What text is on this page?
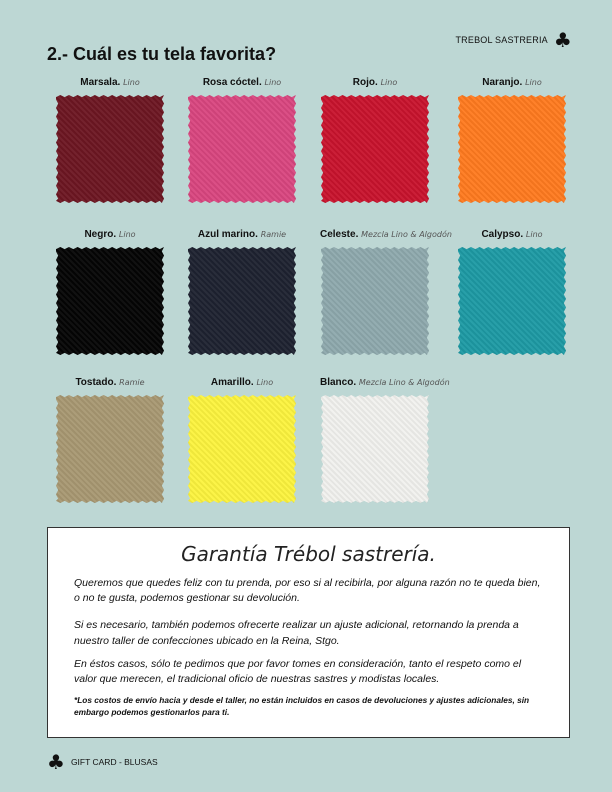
TREBOL SASTRERIA ♣
2.- Cuál es tu tela favorita?
Marsala. Lino	Rosa cóctel. Lino	Rojo. Lino	Naranjo. Lino
Negro. Lino	Azul marino. Ramie	Celeste. Mezcla Lino & Algodón	Calypso. Lino
Tostado. Ramie	Amarillo. Lino	Blanco. Mezcla Lino & Algodón
Garantía Trébol sastrería.

Queremos que quedes feliz con tu prenda, por eso si al recibirla, por alguna razón no te queda bien, o no te gusta, podemos gestionar su devolución.

Si es necesario, también podemos ofrecerte realizar un ajuste adicional, retornando la prenda a nuestro taller de confecciones ubicado en la Reina, Stgo.

En éstos casos, sólo te pedimos que por favor tomes en consideración, tanto el respeto como el valor que merecen, el tradicional oficio de nuestras sastres y modistas locales.

*Los costos de envío hacia y desde el taller, no están incluidos en casos de devoluciones y ajustes adicionales, sin embargo podemos gestionarlos para ti.

♣ GIFT CARD - BLUSAS
